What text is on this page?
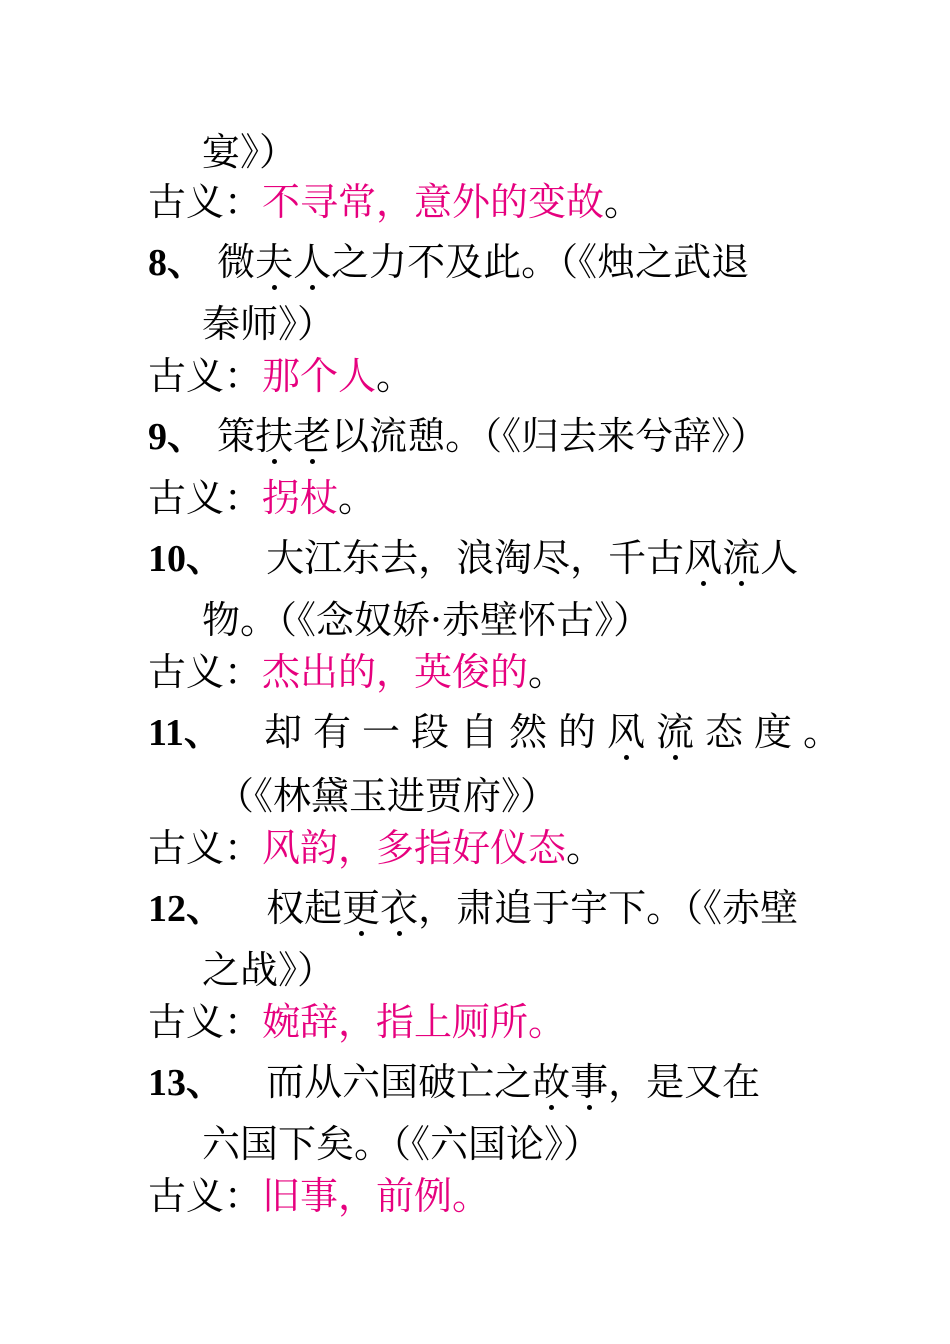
宴》）
古义：不寻常，意外的变故。
8、 微夫人之力不及此。（《烛之武退
秦师》）
古义：那个人。
9、 策扶老以流憩。（《归去来兮辞》）
古义：拐杖。
10、 大江东去，浪淘尽，千古风流人
物。（《念奴娇·赤壁怀古》）
古义：杰出的，英俊的。
11、 却有一段自然的风 流 态度。
（《林黛玉进贾府》）
古义：风韵，多指好仪态。
12、 权起更衣，肃追于宇下。（《赤壁
之战》）
古义：婉辞，指上厕所。
13、 而从六国破亡之故事，是又在
六国下矣。（《六国论》）
古义：旧事，前例。
